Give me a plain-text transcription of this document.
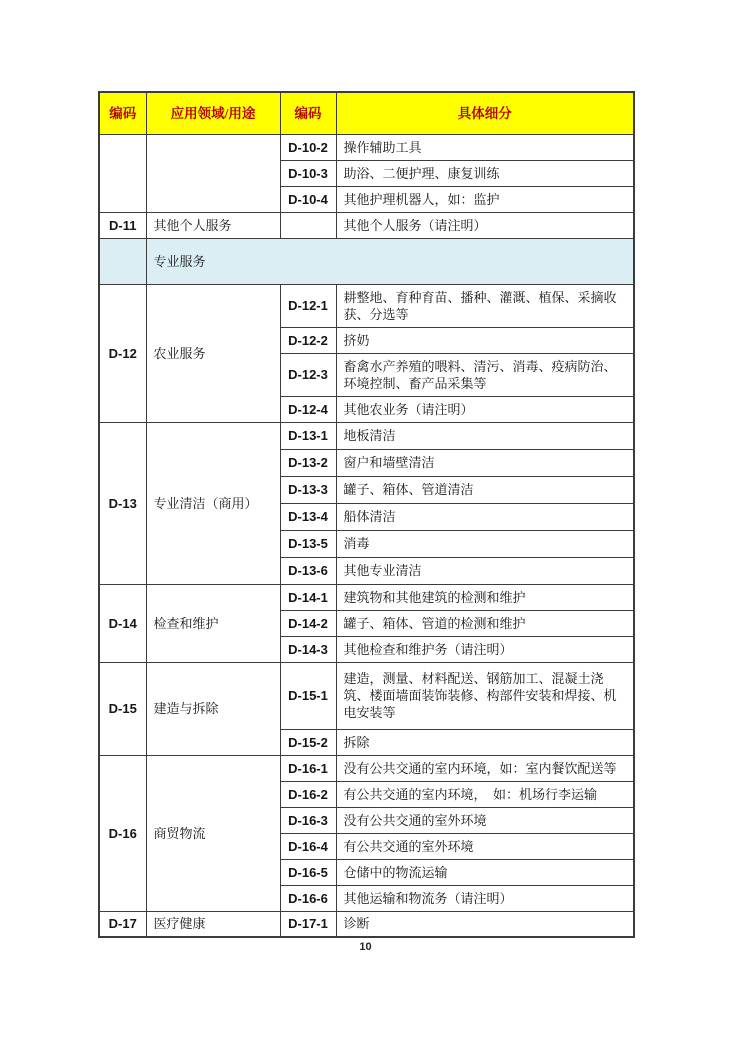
编码	应用领域/用途	编码	具体细分
		D-10-2	操作辅助工具
		D-10-3	助浴、二便护理、康复训练
		D-10-4	其他护理机器人，如：监护
D-11	其他个人服务		其他个人服务（请注明）
	专业服务		
D-12	农业服务	D-12-1	耕整地、育种育苗、播种、灌溉、植保、采摘收获、分选等
		D-12-2	挤奶
		D-12-3	畜禽水产养殖的喂料、清污、消毒、疫病防治、环境控制、畜产品采集等
		D-12-4	其他农业务（请注明）
D-13	专业清洁（商用）	D-13-1	地板清洁
		D-13-2	窗户和墙壁清洁
		D-13-3	罐子、箱体、管道清洁
		D-13-4	船体清洁
		D-13-5	消毒
		D-13-6	其他专业清洁
D-14	检查和维护	D-14-1	建筑物和其他建筑的检测和维护
		D-14-2	罐子、箱体、管道的检测和维护
		D-14-3	其他检查和维护务（请注明）
D-15	建造与拆除	D-15-1	建造，测量、材料配送、钢筋加工、混凝土浇筑、楼面墙面装饰装修、构部件安装和焊接、机电安装等
		D-15-2	拆除
D-16	商贸物流	D-16-1	没有公共交通的室内环境，如：室内餐饮配送等
		D-16-2	有公共交通的室内环境，　如：机场行李运输
		D-16-3	没有公共交通的室外环境
		D-16-4	有公共交通的室外环境
		D-16-5	仓储中的物流运输
		D-16-6	其他运输和物流务（请注明）
D-17	医疗健康	D-17-1	诊断
10
